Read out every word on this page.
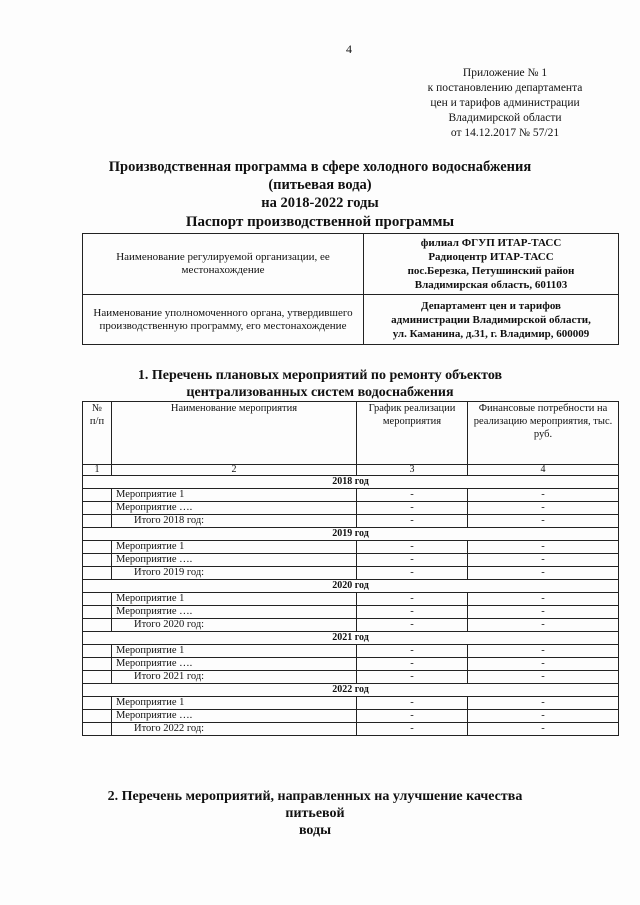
4
Приложение № 1
к постановлению департамента
цен и тарифов администрации
Владимирской области
от 14.12.2017 № 57/21
Производственная программа в сфере холодного водоснабжения
(питьевая вода)
на 2018-2022 годы
Паспорт производственной программы
Наименование регулируемой организации, ее местонахождение	филиал ФГУП ИТАР-ТАСС
Радиоцентр ИТАР-ТАСС
пос.Березка, Петушинский район
Владимирская область, 601103

Наименование уполномоченного органа, утвердившего производственную программу, его местонахождение	Департамент цен и тарифов
администрации Владимирской области,
ул. Каманина, д.31, г. Владимир, 600009
1. Перечень плановых мероприятий по ремонту объектов
централизованных систем водоснабжения
№ п/п	Наименование мероприятия	График реализации мероприятия	Финансовые потребности на реализацию мероприятия, тыс. руб.
1	2	3	4
2018 год			
	Мероприятие 1	-	-
	Мероприятие ….	-	-
	Итого 2018 год:	-	-
2019 год			
	Мероприятие 1	-	-
	Мероприятие ….	-	-
	Итого 2019 год:	-	-
2020 год			
	Мероприятие 1	-	-
	Мероприятие ….	-	-
	Итого 2020 год:	-	-
2021 год			
	Мероприятие 1	-	-
	Мероприятие ….	-	-
	Итого 2021 год:	-	-
2022 год			
	Мероприятие 1	-	-
	Мероприятие ….	-	-
	Итого 2022 год:	-	-
2. Перечень мероприятий, направленных на улучшение качества питьевой
воды
